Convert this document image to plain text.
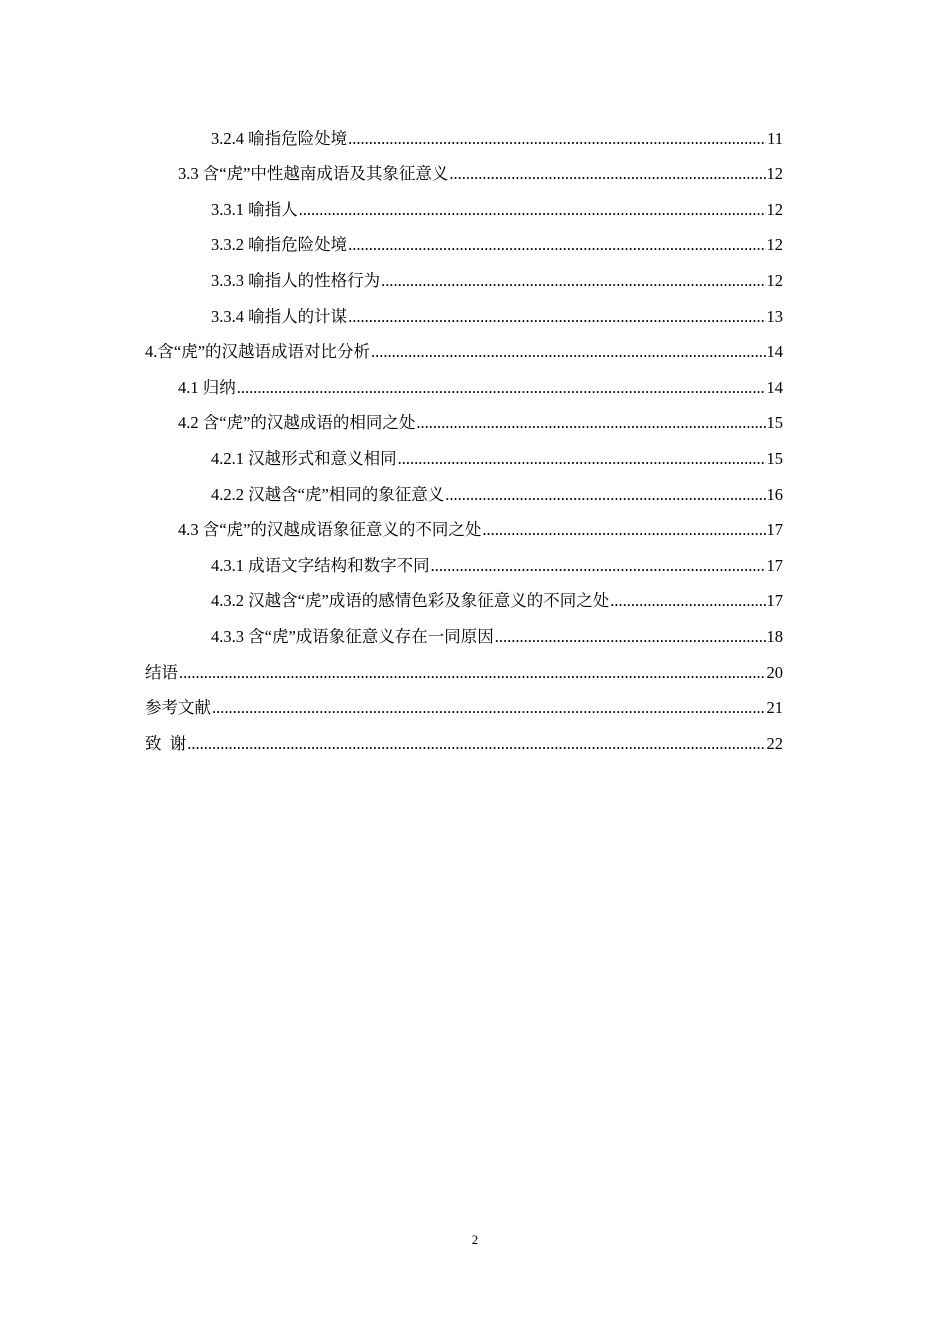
3.2.4 喻指危险处境 .....	11
3.3 含“虎”中性越南成语及其象征意义 .....	12
3.3.1 喻指人 .....	12
3.3.2 喻指危险处境 .....	12
3.3.3 喻指人的性格行为 .....	12
3.3.4 喻指人的计谋 .....	13
4.含“虎”的汉越语成语对比分析 .....	14
4.1 归纳 .....	14
4.2 含“虎”的汉越成语的相同之处 .....	15
4.2.1 汉越形式和意义相同 .....	15
4.2.2 汉越含“虎”相同的象征意义 .....	16
4.3 含“虎”的汉越成语象征意义的不同之处 .....	17
4.3.1 成语文字结构和数字不同 .....	17
4.3.2 汉越含“虎”成语的感情色彩及象征意义的不同之处 .....	17
4.3.3 含“虎”成语象征意义存在一同原因 .....	18
结语 .....	20
参考文献 .....	21
致  谢 .....	22
2
